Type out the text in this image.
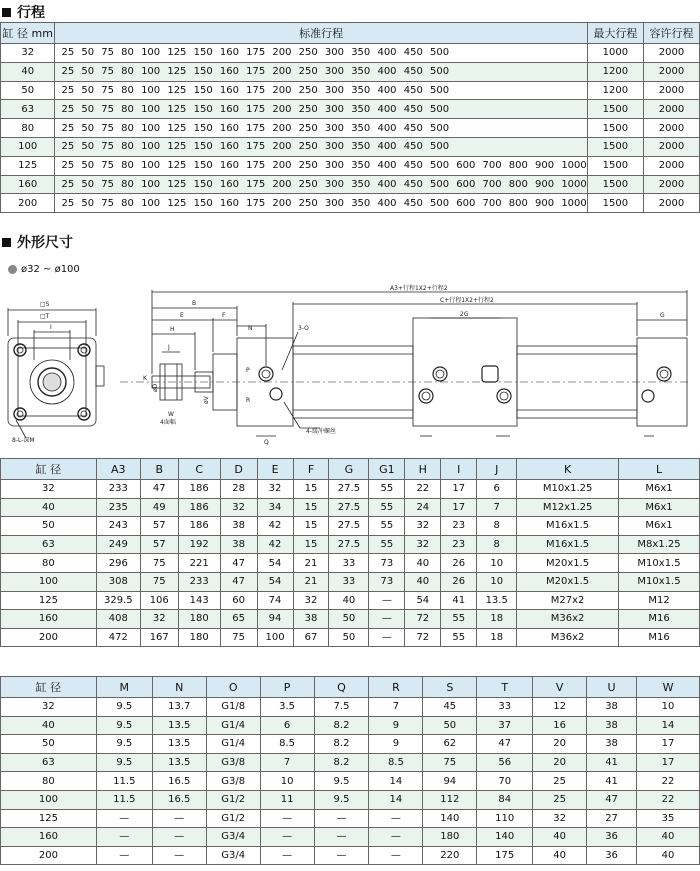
行程
缸 径 mm	标准行程	最大行程	容许行程
32	25 50 75 80 100 125 150 160 175 200 250 300 350 400 450 500	1000	2000
40	25 50 75 80 100 125 150 160 175 200 250 300 350 400 450 500	1200	2000
50	25 50 75 80 100 125 150 160 175 200 250 300 350 400 450 500	1200	2000
63	25 50 75 80 100 125 150 160 175 200 250 300 350 400 450 500	1500	2000
80	25 50 75 80 100 125 150 160 175 200 250 300 350 400 450 500	1500	2000
100	25 50 75 80 100 125 150 160 175 200 250 300 350 400 450 500	1500	2000
125	25 50 75 80 100 125 150 160 175 200 250 300 350 400 450 500 600 700 800 900 1000	1500	2000
160	25 50 75 80 100 125 150 160 175 200 250 300 350 400 450 500 600 700 800 900 1000	1500	2000
200	25 50 75 80 100 125 150 160 175 200 250 300 350 400 450 500 600 700 800 900 1000	1500	2000
外形尺寸
ø32 ~ ø100
□S
□T
I
8-L-深M
B
E	F
H
J
K
øD
øV
W
4面幅
A3+行程1X2+行程2
C+行程1X2+行程2
2G	G
N	3-O
P
R
Q
4-缓冲螺丝
缸 径	A3	B	C	D	E	F	G	G1	H	I	J	K	L
32	233	47	186	28	32	15	27.5	55	22	17	6	M10x1.25	M6x1
40	235	49	186	32	34	15	27.5	55	24	17	7	M12x1.25	M6x1
50	243	57	186	38	42	15	27.5	55	32	23	8	M16x1.5	M6x1
63	249	57	192	38	42	15	27.5	55	32	23	8	M16x1.5	M8x1.25
80	296	75	221	47	54	21	33	73	40	26	10	M20x1.5	M10x1.5
100	308	75	233	47	54	21	33	73	40	26	10	M20x1.5	M10x1.5
125	329.5	106	143	60	74	32	40	—	54	41	13.5	M27x2	M12
160	408	32	180	65	94	38	50	—	72	55	18	M36x2	M16
200	472	167	180	75	100	67	50	—	72	55	18	M36x2	M16
缸 径	M	N	O	P	Q	R	S	T	V	U	W
32	9.5	13.7	G1/8	3.5	7.5	7	45	33	12	38	10
40	9.5	13.5	G1/4	6	8.2	9	50	37	16	38	14
50	9.5	13.5	G1/4	8.5	8.2	9	62	47	20	38	17
63	9.5	13.5	G3/8	7	8.2	8.5	75	56	20	41	17
80	11.5	16.5	G3/8	10	9.5	14	94	70	25	41	22
100	11.5	16.5	G1/2	11	9.5	14	112	84	25	47	22
125	—	—	G1/2	—	—	—	140	110	32	27	35
160	—	—	G3/4	—	—	—	180	140	40	36	40
200	—	—	G3/4	—	—	—	220	175	40	36	40
